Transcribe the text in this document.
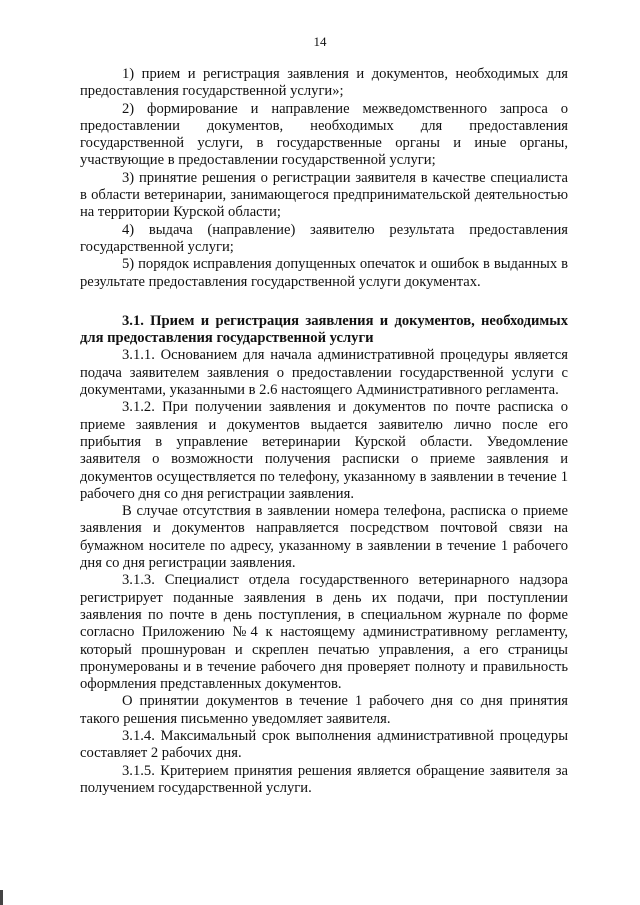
14

1) прием и регистрация заявления и документов, необходимых для предоставления государственной услуги»;

2) формирование и направление межведомственного запроса о предоставлении документов, необходимых для предоставления государственной услуги, в государственные органы и иные органы, участвующие в предоставлении государственной услуги;

3) принятие решения о регистрации заявителя в качестве специалиста в области ветеринарии, занимающегося предпринимательской деятельностью на территории Курской области;

4) выдача (направление) заявителю результата предоставления государственной услуги;

5) порядок исправления допущенных опечаток и ошибок в выданных в результате предоставления государственной услуги документах.

3.1. Прием и регистрация заявления и документов, необходимых для предоставления государственной услуги

3.1.1. Основанием для начала административной процедуры является подача заявителем заявления о предоставлении государственной услуги с документами, указанными в 2.6 настоящего Административного регламента.

3.1.2. При получении заявления и документов по почте расписка о приеме заявления и документов выдается заявителю лично после его прибытия в управление ветеринарии Курской области. Уведомление заявителя о возможности получения расписки о приеме заявления и документов осуществляется по телефону, указанному в заявлении в течение 1 рабочего дня со дня регистрации заявления.

В случае отсутствия в заявлении номера телефона, расписка о приеме заявления и документов направляется посредством почтовой связи на бумажном носителе по адресу, указанному в заявлении в течение 1 рабочего дня со дня регистрации заявления.

3.1.3. Специалист отдела государственного ветеринарного надзора регистрирует поданные заявления в день их подачи, при поступлении заявления по почте в день поступления, в специальном журнале по форме согласно Приложению №4 к настоящему административному регламенту, который прошнурован и скреплен печатью управления, а его страницы пронумерованы и в течение рабочего дня проверяет полноту и правильность оформления представленных документов.

О принятии документов в течение 1 рабочего дня со дня принятия такого решения письменно уведомляет заявителя.

3.1.4. Максимальный срок выполнения административной процедуры составляет 2 рабочих дня.

3.1.5. Критерием принятия решения является обращение заявителя за получением государственной услуги.
